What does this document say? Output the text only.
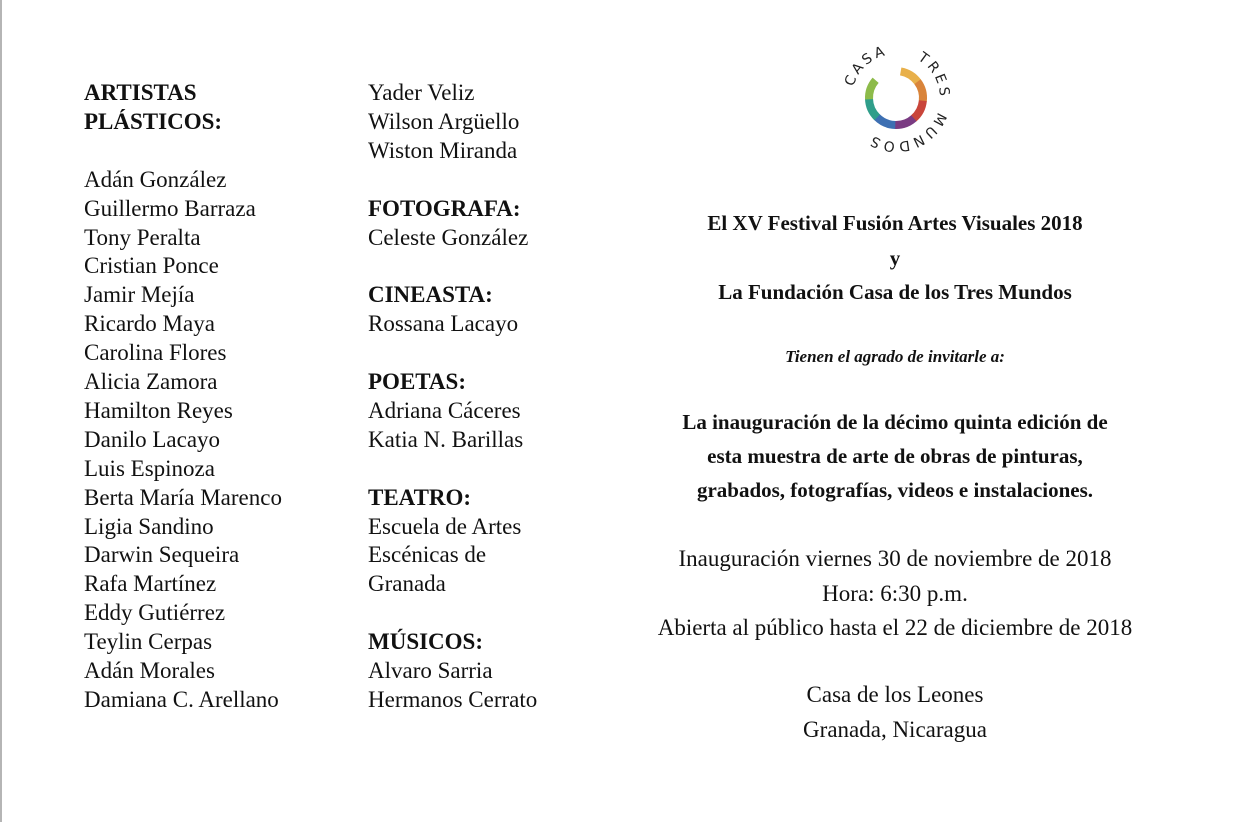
ARTISTAS
PLÁSTICOS:
Adán González
Guillermo Barraza
Tony Peralta
Cristian Ponce
Jamir Mejía
Ricardo Maya
Carolina Flores
Alicia Zamora
Hamilton Reyes
Danilo Lacayo
Luis Espinoza
Berta María Marenco
Ligia Sandino
Darwin Sequeira
Rafa Martínez
Eddy Gutiérrez
Teylin Cerpas
Adán Morales
Damiana C. Arellano
Yader Veliz
Wilson Argüello
Wiston Miranda
FOTOGRAFA:
Celeste González
CINEASTA:
Rossana Lacayo
POETAS:
Adriana Cáceres
Katia N. Barillas
TEATRO:
Escuela de Artes
Escénicas de
Granada
MÚSICOS:
Alvaro Sarria
Hermanos Cerrato
CASA TRES
MUNDOS
El XV Festival Fusión Artes Visuales 2018
y
La Fundación Casa de los Tres Mundos
Tienen el agrado de invitarle a:
La inauguración de la décimo quinta edición de
esta muestra de arte de obras de pinturas,
grabados, fotografías, videos e instalaciones.
Inauguración viernes 30 de noviembre de 2018
Hora: 6:30 p.m.
Abierta al público hasta el 22 de diciembre de 2018
Casa de los Leones
Granada, Nicaragua
